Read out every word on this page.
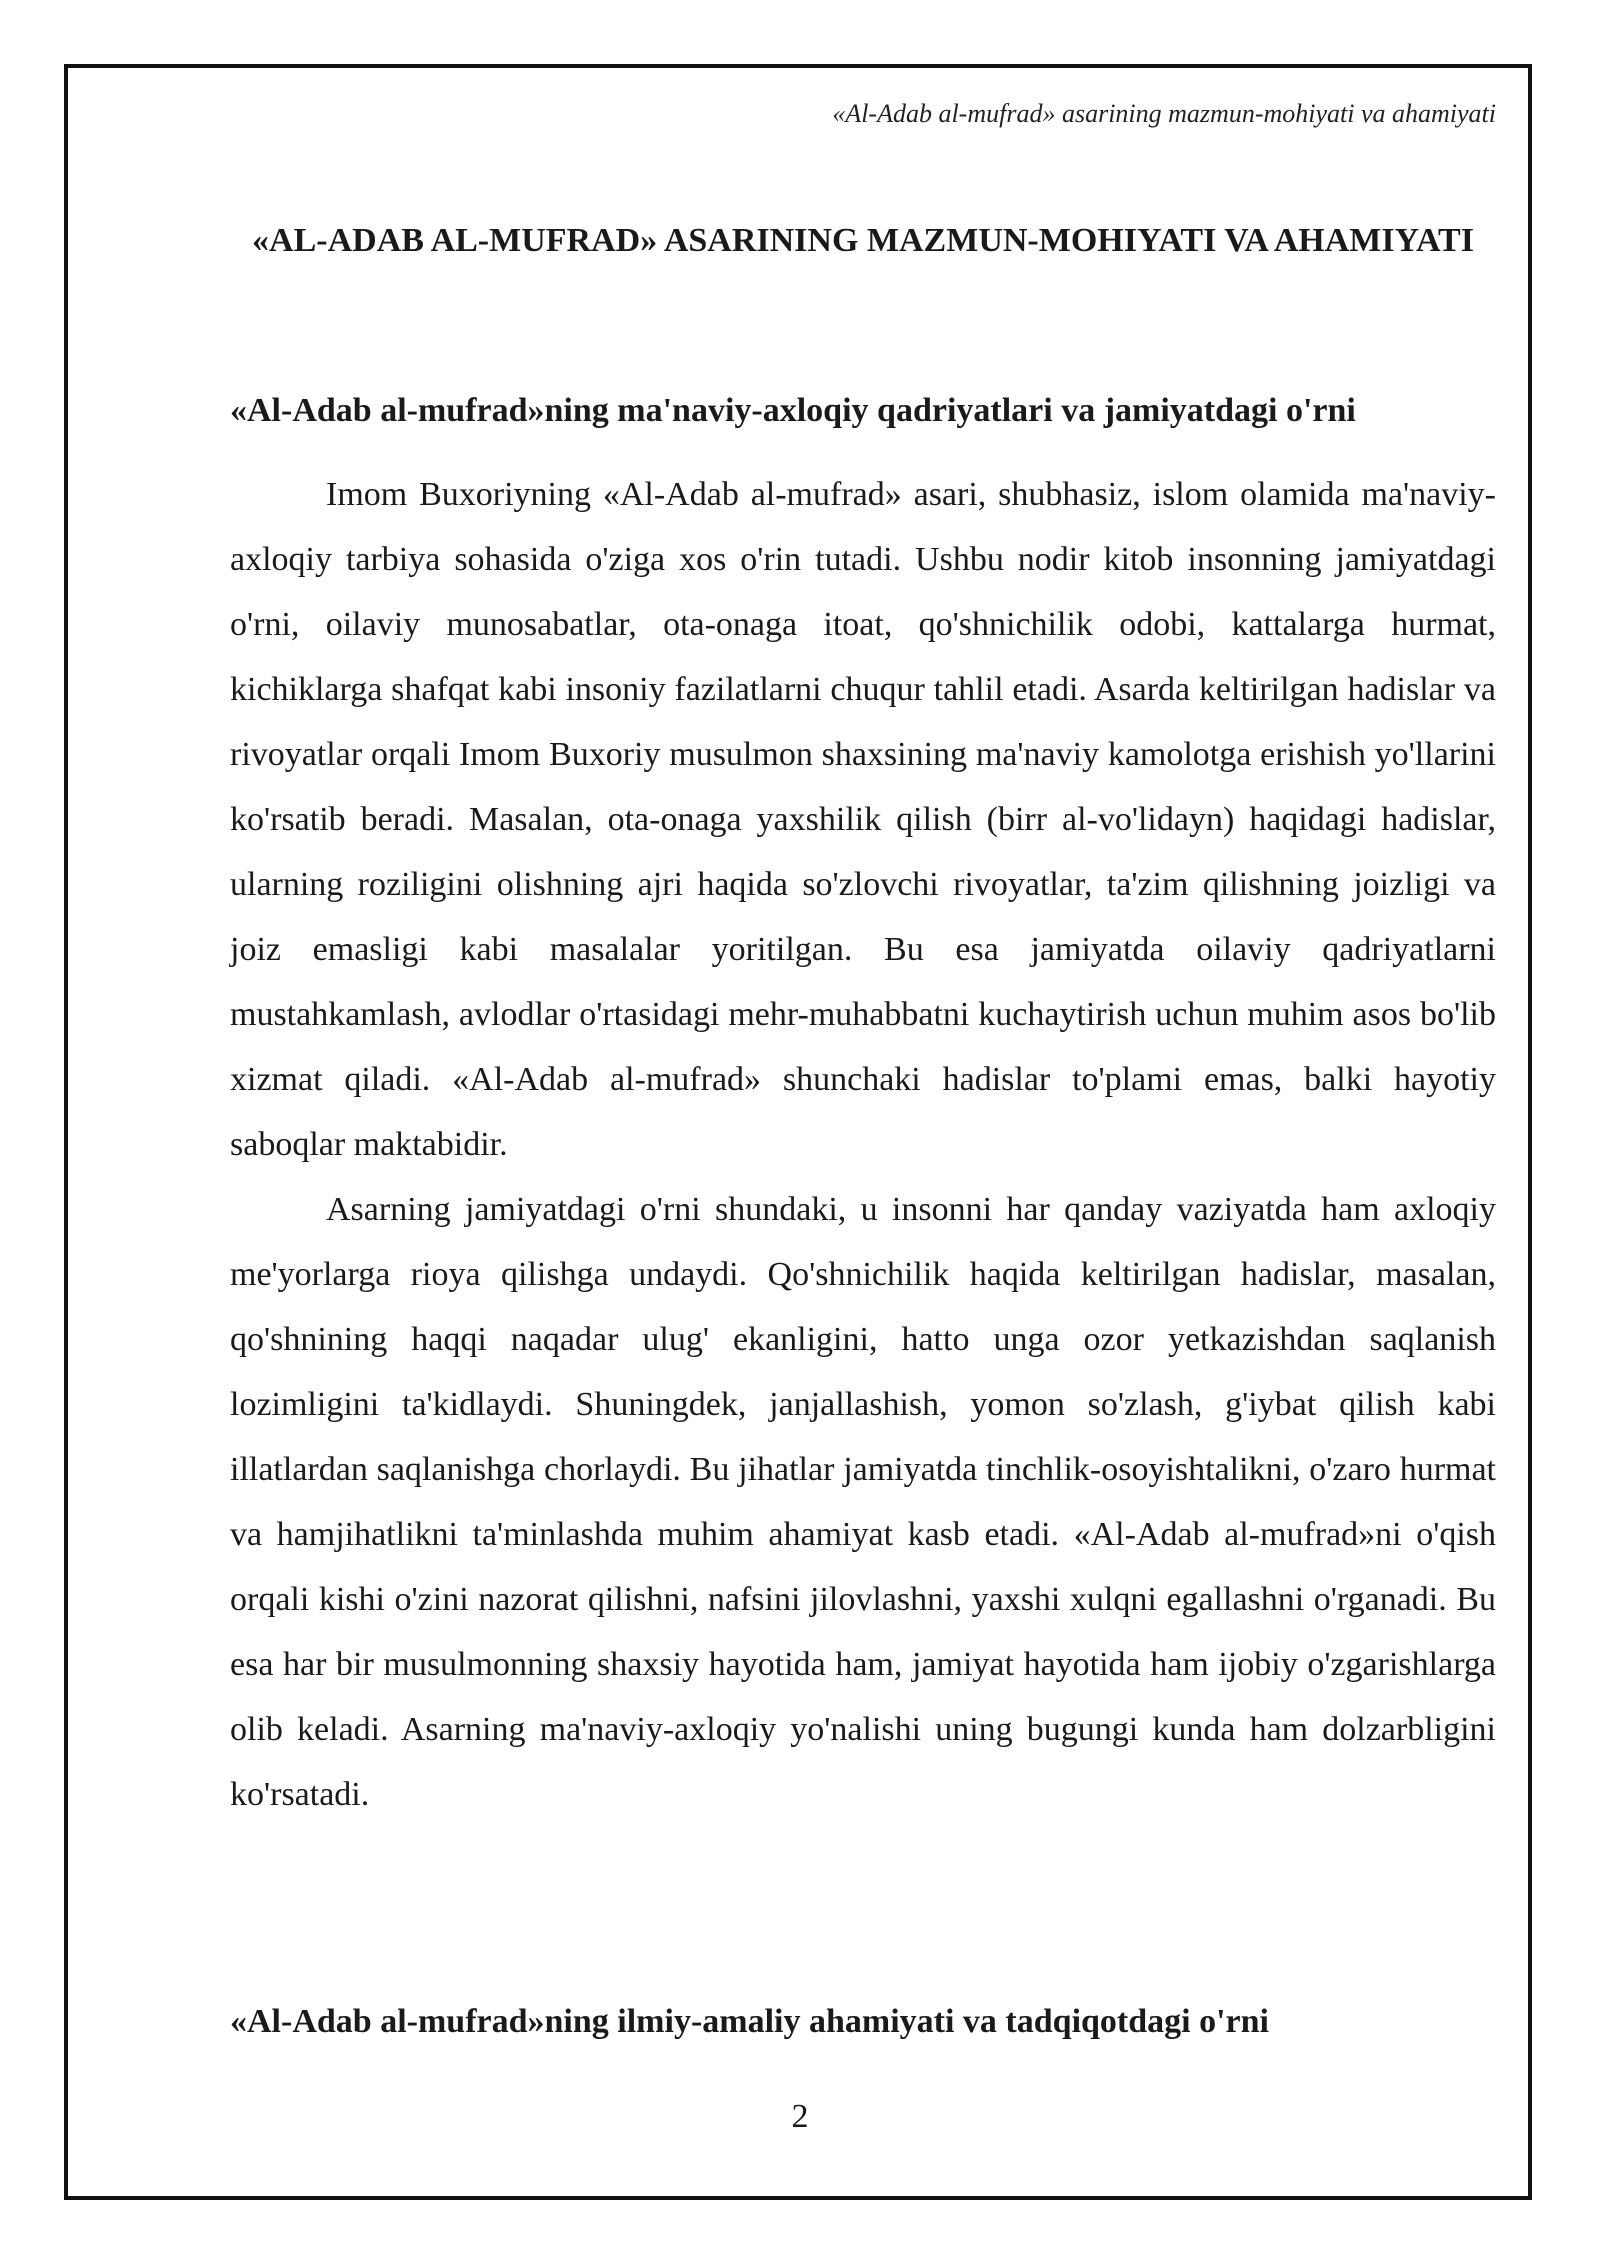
«Al-Adab al-mufrad» asarining mazmun-mohiyati va ahamiyati
«AL-ADAB AL-MUFRAD» ASARINING MAZMUN-MOHIYATI VA AHAMIYATI
«Al-Adab al-mufrad»ning ma'naviy-axloqiy qadriyatlari va jamiyatdagi o'rni

Imom Buxoriyning «Al-Adab al-mufrad» asari, shubhasiz, islom olamida ma'naviy-axloqiy tarbiya sohasida o'ziga xos o'rin tutadi. Ushbu nodir kitob insonning jamiyatdagi o'rni, oilaviy munosabatlar, ota-onaga itoat, qo'shnichilik odobi, kattalarga hurmat, kichiklarga shafqat kabi insoniy fazilatlarni chuqur tahlil etadi. Asarda keltirilgan hadislar va rivoyatlar orqali Imom Buxoriy musulmon shaxsining ma'naviy kamolotga erishish yo'llarini ko'rsatib beradi. Masalan, ota-onaga yaxshilik qilish (birr al-vo'lidayn) haqidagi hadislar, ularning roziligini olishning ajri haqida so'zlovchi rivoyatlar, ta'zim qilishning joizligi va joiz emasligi kabi masalalar yoritilgan. Bu esa jamiyatda oilaviy qadriyatlarni mustahkamlash, avlodlar o'rtasidagi mehr-muhabbatni kuchaytirish uchun muhim asos bo'lib xizmat qiladi. «Al-Adab al-mufrad» shunchaki hadislar to'plami emas, balki hayotiy saboqlar maktabidir.

Asarning jamiyatdagi o'rni shundaki, u insonni har qanday vaziyatda ham axloqiy me'yorlarga rioya qilishga undaydi. Qo'shnichilik haqida keltirilgan hadislar, masalan, qo'shnining haqqi naqadar ulug' ekanligini, hatto unga ozor yetkazishdan saqlanish lozimligini ta'kidlaydi. Shuningdek, janjallashish, yomon so'zlash, g'iybat qilish kabi illatlardan saqlanishga chorlaydi. Bu jihatlar jamiyatda tinchlik-osoyishtalikni, o'zaro hurmat va hamjihatlikni ta'minlashda muhim ahamiyat kasb etadi. «Al-Adab al-mufrad»ni o'qish orqali kishi o'zini nazorat qilishni, nafsini jilovlashni, yaxshi xulqni egallashni o'rganadi. Bu esa har bir musulmonning shaxsiy hayotida ham, jamiyat hayotida ham ijobiy o'zgarishlarga olib keladi. Asarning ma'naviy-axloqiy yo'nalishi uning bugungi kunda ham dolzarbligini ko'rsatadi.

«Al-Adab al-mufrad»ning ilmiy-amaliy ahamiyati va tadqiqotdagi o'rni
2
